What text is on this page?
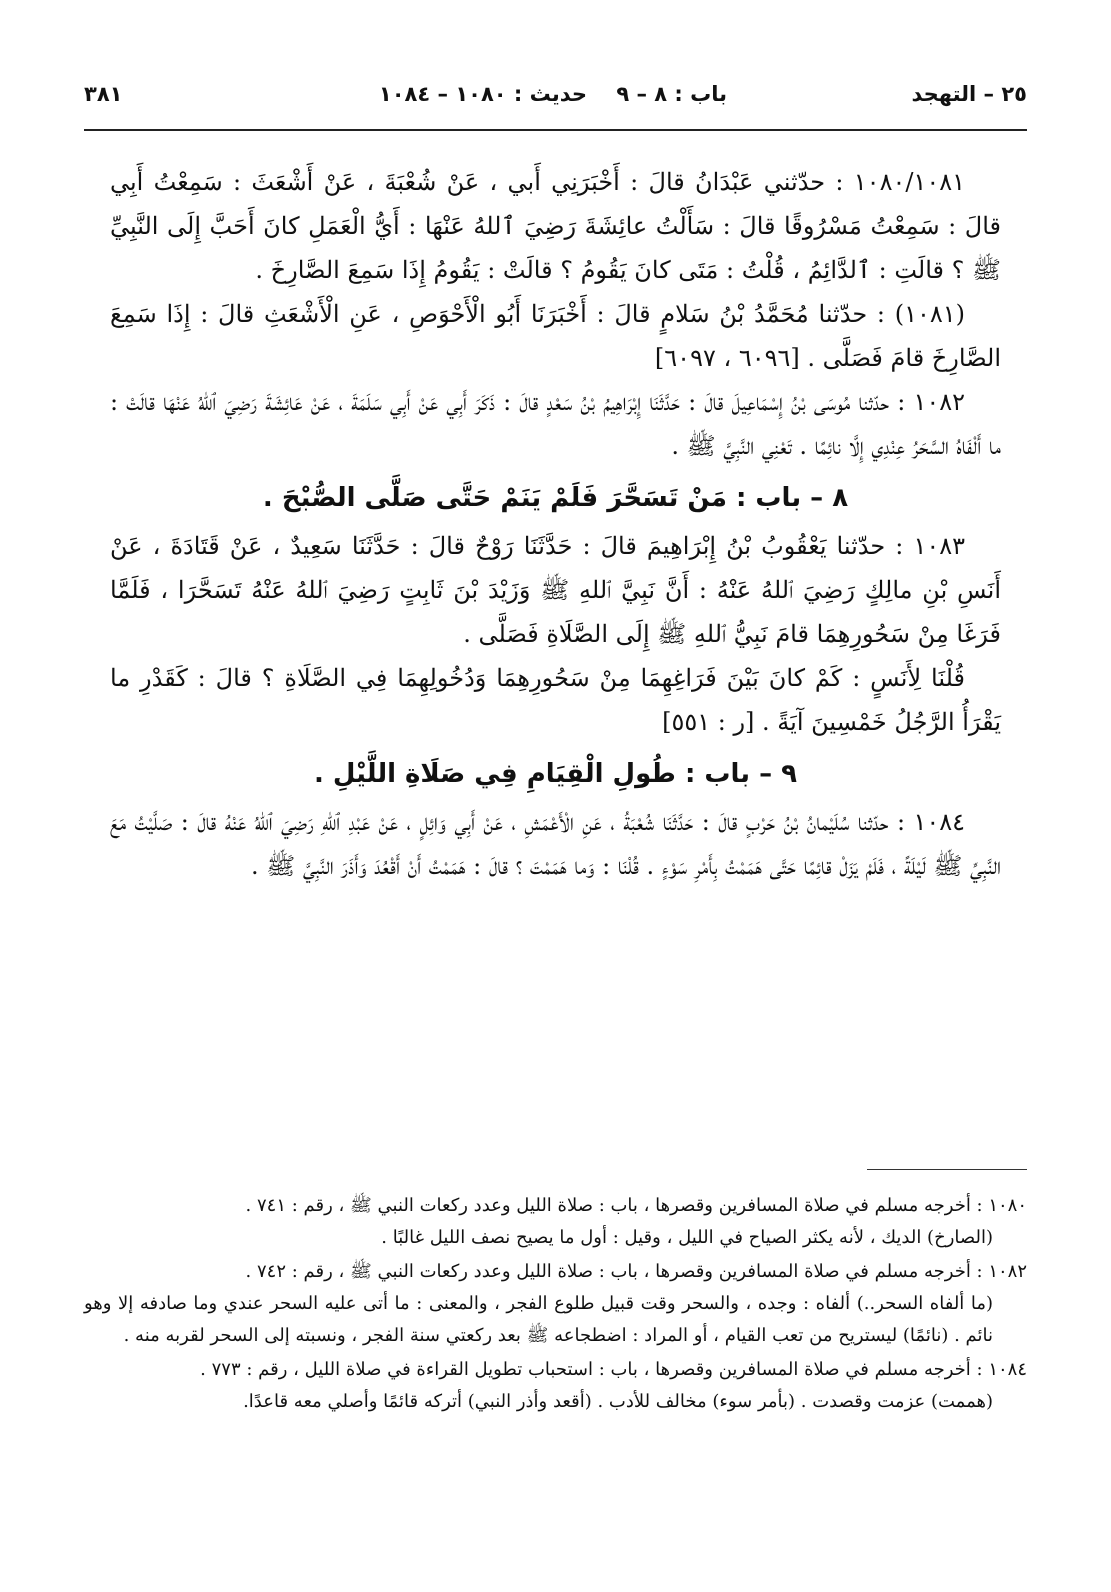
٢٥ – التهجد
باب : ٨ – ٩
حديث : ١٠٨٠ – ١٠٨٤
٣٨١

١٠٨٠/١٠٨١ : حدّثني عَبْدَانُ قالَ : أَخْبَرَنِي أَبي ، عَنْ شُعْبَةَ ، عَنْ أَشْعَثَ : سَمِعْتُ أَبِي قالَ : سَمِعْتُ مَسْرُوقًا قالَ : سَأَلْتُ عائِشَةَ رَضِيَ ٱللهُ عَنْهَا : أَيُّ الْعَمَلِ كانَ أَحَبَّ إِلَى النَّبِيِّ ﷺ ؟ قالَتِ : ٱلدَّائِمُ ، قُلْتُ : مَتَى كانَ يَقُومُ ؟ قالَتْ : يَقُومُ إِذَا سَمِعَ الصَّارِخَ .

(١٠٨١) : حدّثنا مُحَمَّدُ بْنُ سَلامٍ قالَ : أَخْبَرَنَا أَبُو الْأَحْوَصِ ، عَنِ الْأَشْعَثِ قالَ : إِذَا سَمِعَ الصَّارِخَ قامَ فَصَلَّى . [٦٠٩٦ ، ٦٠٩٧]

١٠٨٢ : حدّثنا مُوسَى بْنُ إِسْمَاعِيلَ قالَ : حَدَّثَنَا إِبْرَاهِيمُ بْنُ سَعْدٍ قالَ : ذَكَرَ أَبِي عَنْ أَبِي سَلَمَةَ ، عَنْ عَائِشَةَ رَضِيَ ٱللهُ عَنْهَا قالَتْ : ما أَلْفَاهُ السَّحَرُ عِنْدِي إِلَّا نائِمًا . تَعْنِي النَّبِيَّ ﷺ .

٨ – باب : مَنْ تَسَحَّرَ فَلَمْ يَنَمْ حَتَّى صَلَّى الصُّبْحَ .

١٠٨٣ : حدّثنا يَعْقُوبُ بْنُ إِبْرَاهِيمَ قالَ : حَدَّثَنَا رَوْحٌ قالَ : حَدَّثَنَا سَعِيدٌ ، عَنْ قَتَادَةَ ، عَنْ أَنَسِ بْنِ مالِكٍ رَضِيَ ٱللهُ عَنْهُ : أَنَّ نَبِيَّ ٱللهِ ﷺ وَزَيْدَ بْنَ ثَابِتٍ رَضِيَ ٱللهُ عَنْهُ تَسَحَّرَا ، فَلَمَّا فَرَغَا مِنْ سَحُورِهِمَا قامَ نَبِيُّ ٱللهِ ﷺ إِلَى الصَّلَاةِ فَصَلَّى .

قُلْنَا لِأَنَسٍ : كَمْ كانَ بَيْنَ فَرَاغِهِمَا مِنْ سَحُورِهِمَا وَدُخُولِهِمَا فِي الصَّلَاةِ ؟ قالَ : كَقَدْرِ ما يَقْرَأُ الرَّجُلُ خَمْسِينَ آيَةً . [ر : ٥٥١]

٩ – باب : طُولِ الْقِيَامِ فِي صَلَاةِ اللَّيْلِ .

١٠٨٤ : حدّثنا سُلَيْمانُ بْنُ حَرْبٍ قالَ : حَدَّثَنَا شُعْبَةُ ، عَنِ الْأَعْمَشِ ، عَنْ أَبِي وَائِلٍ ، عَنْ عَبْدِ ٱللهِ رَضِيَ ٱللهُ عَنْهُ قالَ : صَلَّيْتُ مَعَ النَّبِيِّ ﷺ لَيْلَةً ، فَلَمْ يَزَلْ قائِمًا حَتَّى هَمَمْتُ بِأَمْرِ سَوْءٍ . قُلْنَا : وَما هَمَمْتَ ؟ قالَ : هَمَمْتُ أَنْ أَقْعُدَ وَأَذَرَ النَّبِيَّ ﷺ .

١٠٨٠ : أخرجه مسلم في صلاة المسافرين وقصرها ، باب : صلاة الليل وعدد ركعات النبي ﷺ ، رقم : ٧٤١ .
(الصارخ) الديك ، لأنه يكثر الصياح في الليل ، وقيل : أول ما يصيح نصف الليل غالبًا .
١٠٨٢ : أخرجه مسلم في صلاة المسافرين وقصرها ، باب : صلاة الليل وعدد ركعات النبي ﷺ ، رقم : ٧٤٢ .
(ما ألفاه السحر..) ألفاه : وجده ، والسحر وقت قبيل طلوع الفجر ، والمعنى : ما أتى عليه السحر عندي وما صادفه إلا وهو نائم . (نائمًا) ليستريح من تعب القيام ، أو المراد : اضطجاعه ﷺ بعد ركعتي سنة الفجر ، ونسبته إلى السحر لقربه منه .
١٠٨٤ : أخرجه مسلم في صلاة المسافرين وقصرها ، باب : استحباب تطويل القراءة في صلاة الليل ، رقم : ٧٧٣ .
(هممت) عزمت وقصدت . (بأمر سوء) مخالف للأدب . (أقعد وأذر النبي) أتركه قائمًا وأصلي معه قاعدًا.
